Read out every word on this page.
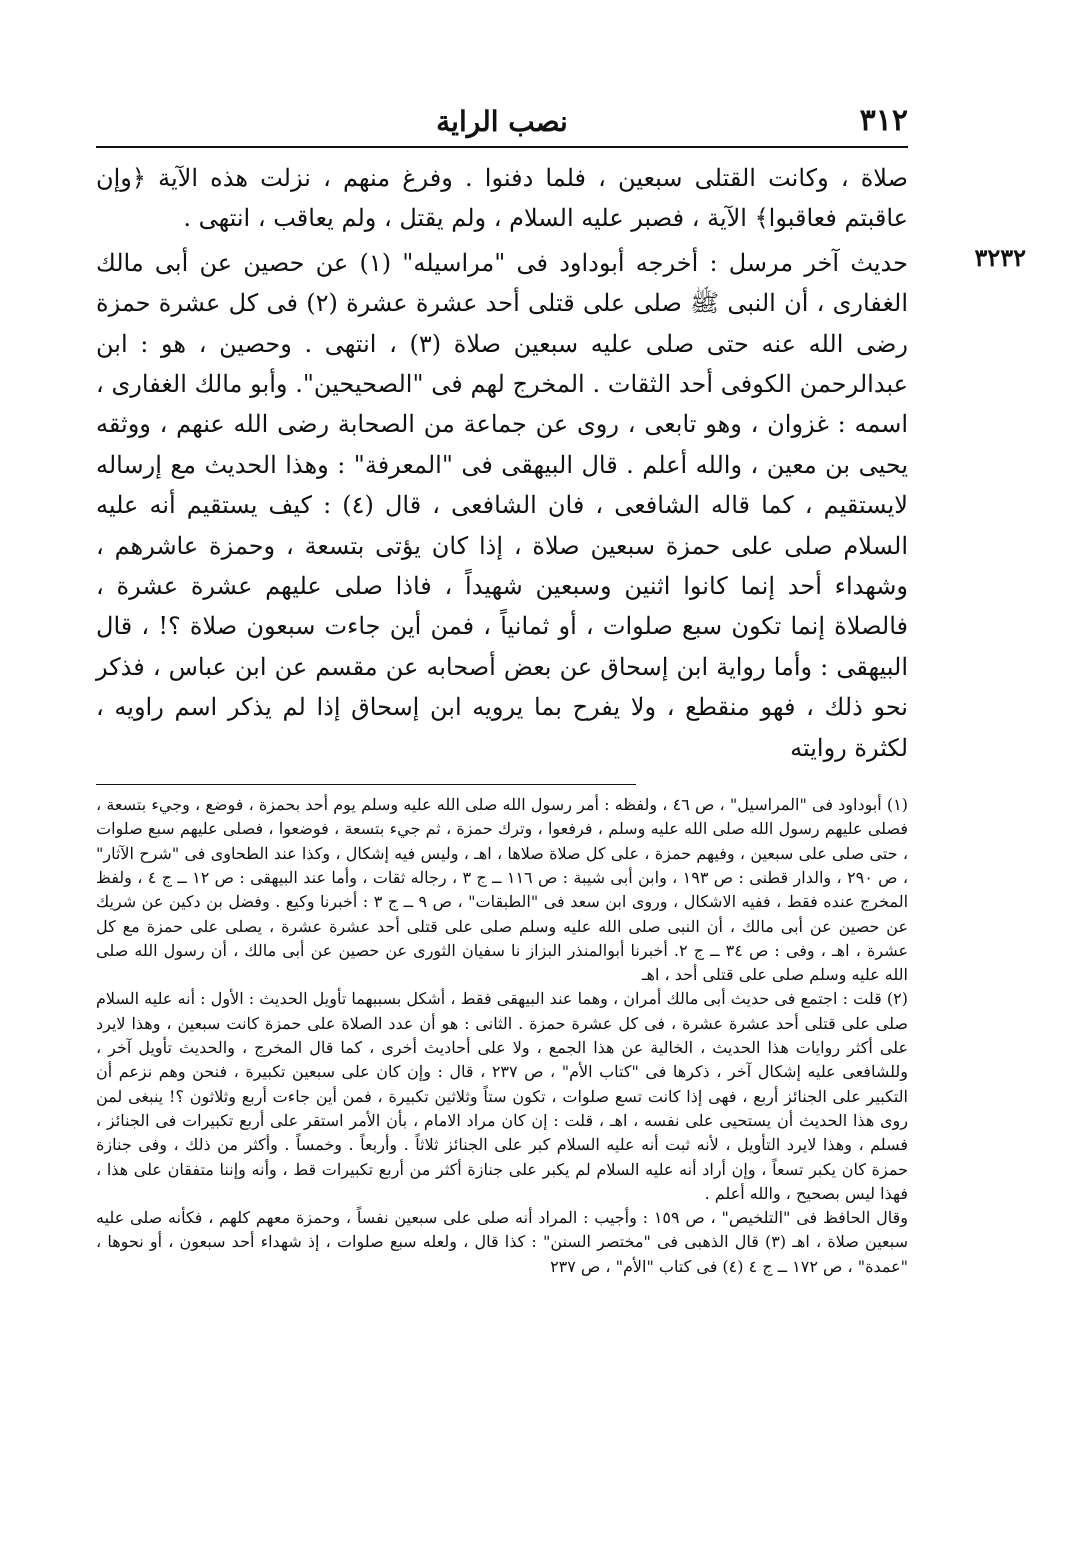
٣١٢
نصب الراية

صلاة ، وكانت القتلى سبعين ، فلما دفنوا . وفرغ منهم ، نزلت هذه الآية ﴿وإن عاقبتم فعاقبوا﴾ الآية ، فصبر عليه السلام ، ولم يقتل ، ولم يعاقب ، انتهى .

٣٢٣٢

حديث آخر مرسل : أخرجه أبوداود فى "مراسيله" (١) عن حصين عن أبى مالك الغفارى ، أن النبى ﷺ صلى على قتلى أحد عشرة عشرة (٢) فى كل عشرة حمزة رضى الله عنه حتى صلى عليه سبعين صلاة (٣) ، انتهى . وحصين ، هو : ابن عبدالرحمن الكوفى أحد الثقات . المخرج لهم فى "الصحيحين". وأبو مالك الغفارى ، اسمه : غزوان ، وهو تابعى ، روى عن جماعة من الصحابة رضى الله عنهم ، ووثقه يحيى بن معين ، والله أعلم . قال البيهقى فى "المعرفة" : وهذا الحديث مع إرساله لايستقيم ، كما قاله الشافعى ، فان الشافعى ، قال (٤) : كيف يستقيم أنه عليه السلام صلى على حمزة سبعين صلاة ، إذا كان يؤتى بتسعة ، وحمزة عاشرهم ، وشهداء أحد إنما كانوا اثنين وسبعين شهيداً ، فاذا صلى عليهم عشرة عشرة ، فالصلاة إنما تكون سبع صلوات ، أو ثمانياً ، فمن أين جاءت سبعون صلاة ؟! ، قال البيهقى : وأما رواية ابن إسحاق عن بعض أصحابه عن مقسم عن ابن عباس ، فذكر نحو ذلك ، فهو منقطع ، ولا يفرح بما يرويه ابن إسحاق إذا لم يذكر اسم راويه ، لكثرة روايته

(١) أبوداود فى "المراسيل" ، ص ٤٦ ، ولفظه : أمر رسول الله صلى الله عليه وسلم يوم أحد بحمزة ، فوضع ، وجيء بتسعة ، فصلى عليهم رسول الله صلى الله عليه وسلم ، فرفعوا ، وترك حمزة ، ثم جيء بتسعة ، فوضعوا ، فصلى عليهم سبع صلوات ، حتى صلى على سبعين ، وفيهم حمزة ، على كل صلاة صلاها ، اهـ ، وليس فيه إشكال ، وكذا عند الطحاوى فى "شرح الآثار" ، ص ٢٩٠ ، والدار قطنى : ص ١٩٣ ، وابن أبى شيبة : ص ١١٦ ــ ج ٣ ، رجاله ثقات ، وأما عند البيهقى : ص ١٢ ــ ج ٤ ، ولفظ المخرج عنده فقط ، ففيه الاشكال ، وروى ابن سعد فى "الطبقات" ، ص ٩ ــ ج ٣ : أخبرنا وكيع . وفضل بن دكين عن شريك عن حصين عن أبى مالك ، أن النبى صلى الله عليه وسلم صلى على قتلى أحد عشرة عشرة ، يصلى على حمزة مع كل عشرة ، اهـ ، وفى : ص ٣٤ ــ ج ٢. أخبرنا أبوالمنذر البزاز نا سفيان الثورى عن حصين عن أبى مالك ، أن رسول الله صلى الله عليه وسلم صلى على قتلى أحد ، اهـ

(٢) قلت : اجتمع فى حديث أبى مالك أمران ، وهما عند البيهقى فقط ، أشكل بسببهما تأويل الحديث : الأول : أنه عليه السلام صلى على قتلى أحد عشرة عشرة ، فى كل عشرة حمزة . الثانى : هو أن عدد الصلاة على حمزة كانت سبعين ، وهذا لايرد على أكثر روايات هذا الحديث ، الخالية عن هذا الجمع ، ولا على أحاديث أخرى ، كما قال المخرج ، والحديث تأويل آخر ، وللشافعى عليه إشكال آخر ، ذكرها فى "كتاب الأم" ، ص ٢٣٧ ، قال : وإن كان على سبعين تكبيرة ، فنحن وهم نزعم أن التكبير على الجنائز أربع ، فهى إذا كانت تسع صلوات ، تكون ستاً وثلاثين تكبيرة ، فمن أين جاءت أربع وثلاثون ؟! ينبغى لمن روى هذا الحديث أن يستحيى على نفسه ، اهـ ، قلت : إن كان مراد الامام ، بأن الأمر استقر على أربع تكبيرات فى الجنائز ، فسلم ، وهذا لايرد التأويل ، لأنه ثبت أنه عليه السلام كبر على الجنائز ثلاثاً . وأربعاً . وخمساً . وأكثر من ذلك ، وفى جنازة حمزة كان يكبر تسعاً ، وإن أراد أنه عليه السلام لم يكبر على جنازة أكثر من أربع تكبيرات قط ، وأنه وإننا متفقان على هذا ، فهذا ليس بصحيح ، والله أعلم .

وقال الحافظ فى "التلخيص" ، ص ١٥٩ : وأجيب : المراد أنه صلى على سبعين نفساً ، وحمزة معهم كلهم ، فكأنه صلى عليه سبعين صلاة ، اهـ (٣) قال الذهبى فى "مختصر السنن" : كذا قال ، ولعله سبع صلوات ، إذ شهداء أحد سبعون ، أو نحوها ، "عمدة" ، ص ١٧٢ ــ ج ٤ (٤) فى كتاب "الأم" ، ص ٢٣٧
